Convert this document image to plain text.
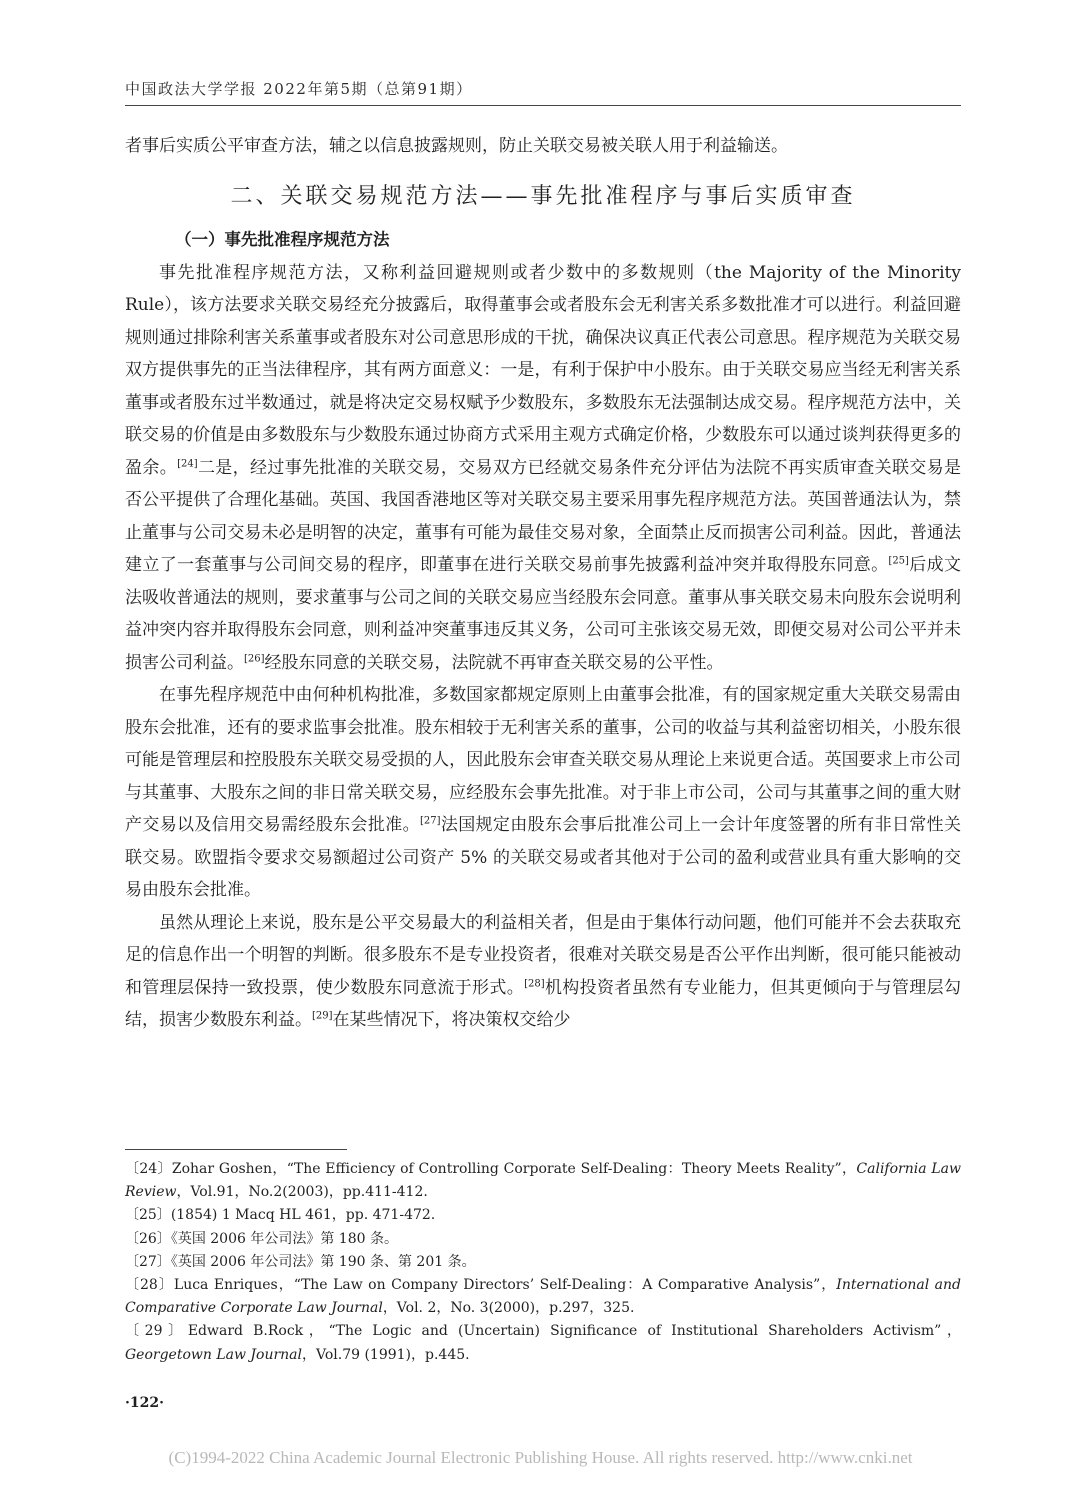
中国政法大学学报 2022年第5期（总第91期）

者事后实质公平审查方法，辅之以信息披露规则，防止关联交易被关联人用于利益输送。

二、关联交易规范方法——事先批准程序与事后实质审查

（一）事先批准程序规范方法

事先批准程序规范方法，又称利益回避规则或者少数中的多数规则（the Majority of the Minority Rule），该方法要求关联交易经充分披露后，取得董事会或者股东会无利害关系多数批准才可以进行。利益回避规则通过排除利害关系董事或者股东对公司意思形成的干扰，确保决议真正代表公司意思。程序规范为关联交易双方提供事先的正当法律程序，其有两方面意义：一是，有利于保护中小股东。由于关联交易应当经无利害关系董事或者股东过半数通过，就是将决定交易权赋予少数股东，多数股东无法强制达成交易。程序规范方法中，关联交易的价值是由多数股东与少数股东通过协商方式采用主观方式确定价格，少数股东可以通过谈判获得更多的盈余。[24]二是，经过事先批准的关联交易，交易双方已经就交易条件充分评估为法院不再实质审查关联交易是否公平提供了合理化基础。英国、我国香港地区等对关联交易主要采用事先程序规范方法。英国普通法认为，禁止董事与公司交易未必是明智的决定，董事有可能为最佳交易对象，全面禁止反而损害公司利益。因此，普通法建立了一套董事与公司间交易的程序，即董事在进行关联交易前事先披露利益冲突并取得股东同意。[25]后成文法吸收普通法的规则，要求董事与公司之间的关联交易应当经股东会同意。董事从事关联交易未向股东会说明利益冲突内容并取得股东会同意，则利益冲突董事违反其义务，公司可主张该交易无效，即便交易对公司公平并未损害公司利益。[26]经股东同意的关联交易，法院就不再审查关联交易的公平性。

在事先程序规范中由何种机构批准，多数国家都规定原则上由董事会批准，有的国家规定重大关联交易需由股东会批准，还有的要求监事会批准。股东相较于无利害关系的董事，公司的收益与其利益密切相关，小股东很可能是管理层和控股股东关联交易受损的人，因此股东会审查关联交易从理论上来说更合适。英国要求上市公司与其董事、大股东之间的非日常关联交易，应经股东会事先批准。对于非上市公司，公司与其董事之间的重大财产交易以及信用交易需经股东会批准。[27]法国规定由股东会事后批准公司上一会计年度签署的所有非日常性关联交易。欧盟指令要求交易额超过公司资产 5% 的关联交易或者其他对于公司的盈利或营业具有重大影响的交易由股东会批准。

虽然从理论上来说，股东是公平交易最大的利益相关者，但是由于集体行动问题，他们可能并不会去获取充足的信息作出一个明智的判断。很多股东不是专业投资者，很难对关联交易是否公平作出判断，很可能只能被动和管理层保持一致投票，使少数股东同意流于形式。[28]机构投资者虽然有专业能力，但其更倾向于与管理层勾结，损害少数股东利益。[29]在某些情况下，将决策权交给少

〔24〕Zohar Goshen，“The Efficiency of Controlling Corporate Self-Dealing：Theory Meets Reality”，California Law Review，Vol.91，No.2(2003)，pp.411-412.

〔25〕(1854) 1 Macq HL 461，pp. 471-472.

〔26〕《英国 2006 年公司法》第 180 条。

〔27〕《英国 2006 年公司法》第 190 条、第 201 条。

〔28〕Luca Enriques，“The Law on Company Directors’ Self-Dealing：A Comparative Analysis”，International and Comparative Corporate Law Journal，Vol. 2，No. 3(2000)，p.297，325.

〔29〕Edward B.Rock，“The Logic and (Uncertain) Significance of Institutional Shareholders Activism”，Georgetown Law Journal，Vol.79 (1991)，p.445.

·122·
(C)1994-2022 China Academic Journal Electronic Publishing House. All rights reserved. http://www.cnki.net
